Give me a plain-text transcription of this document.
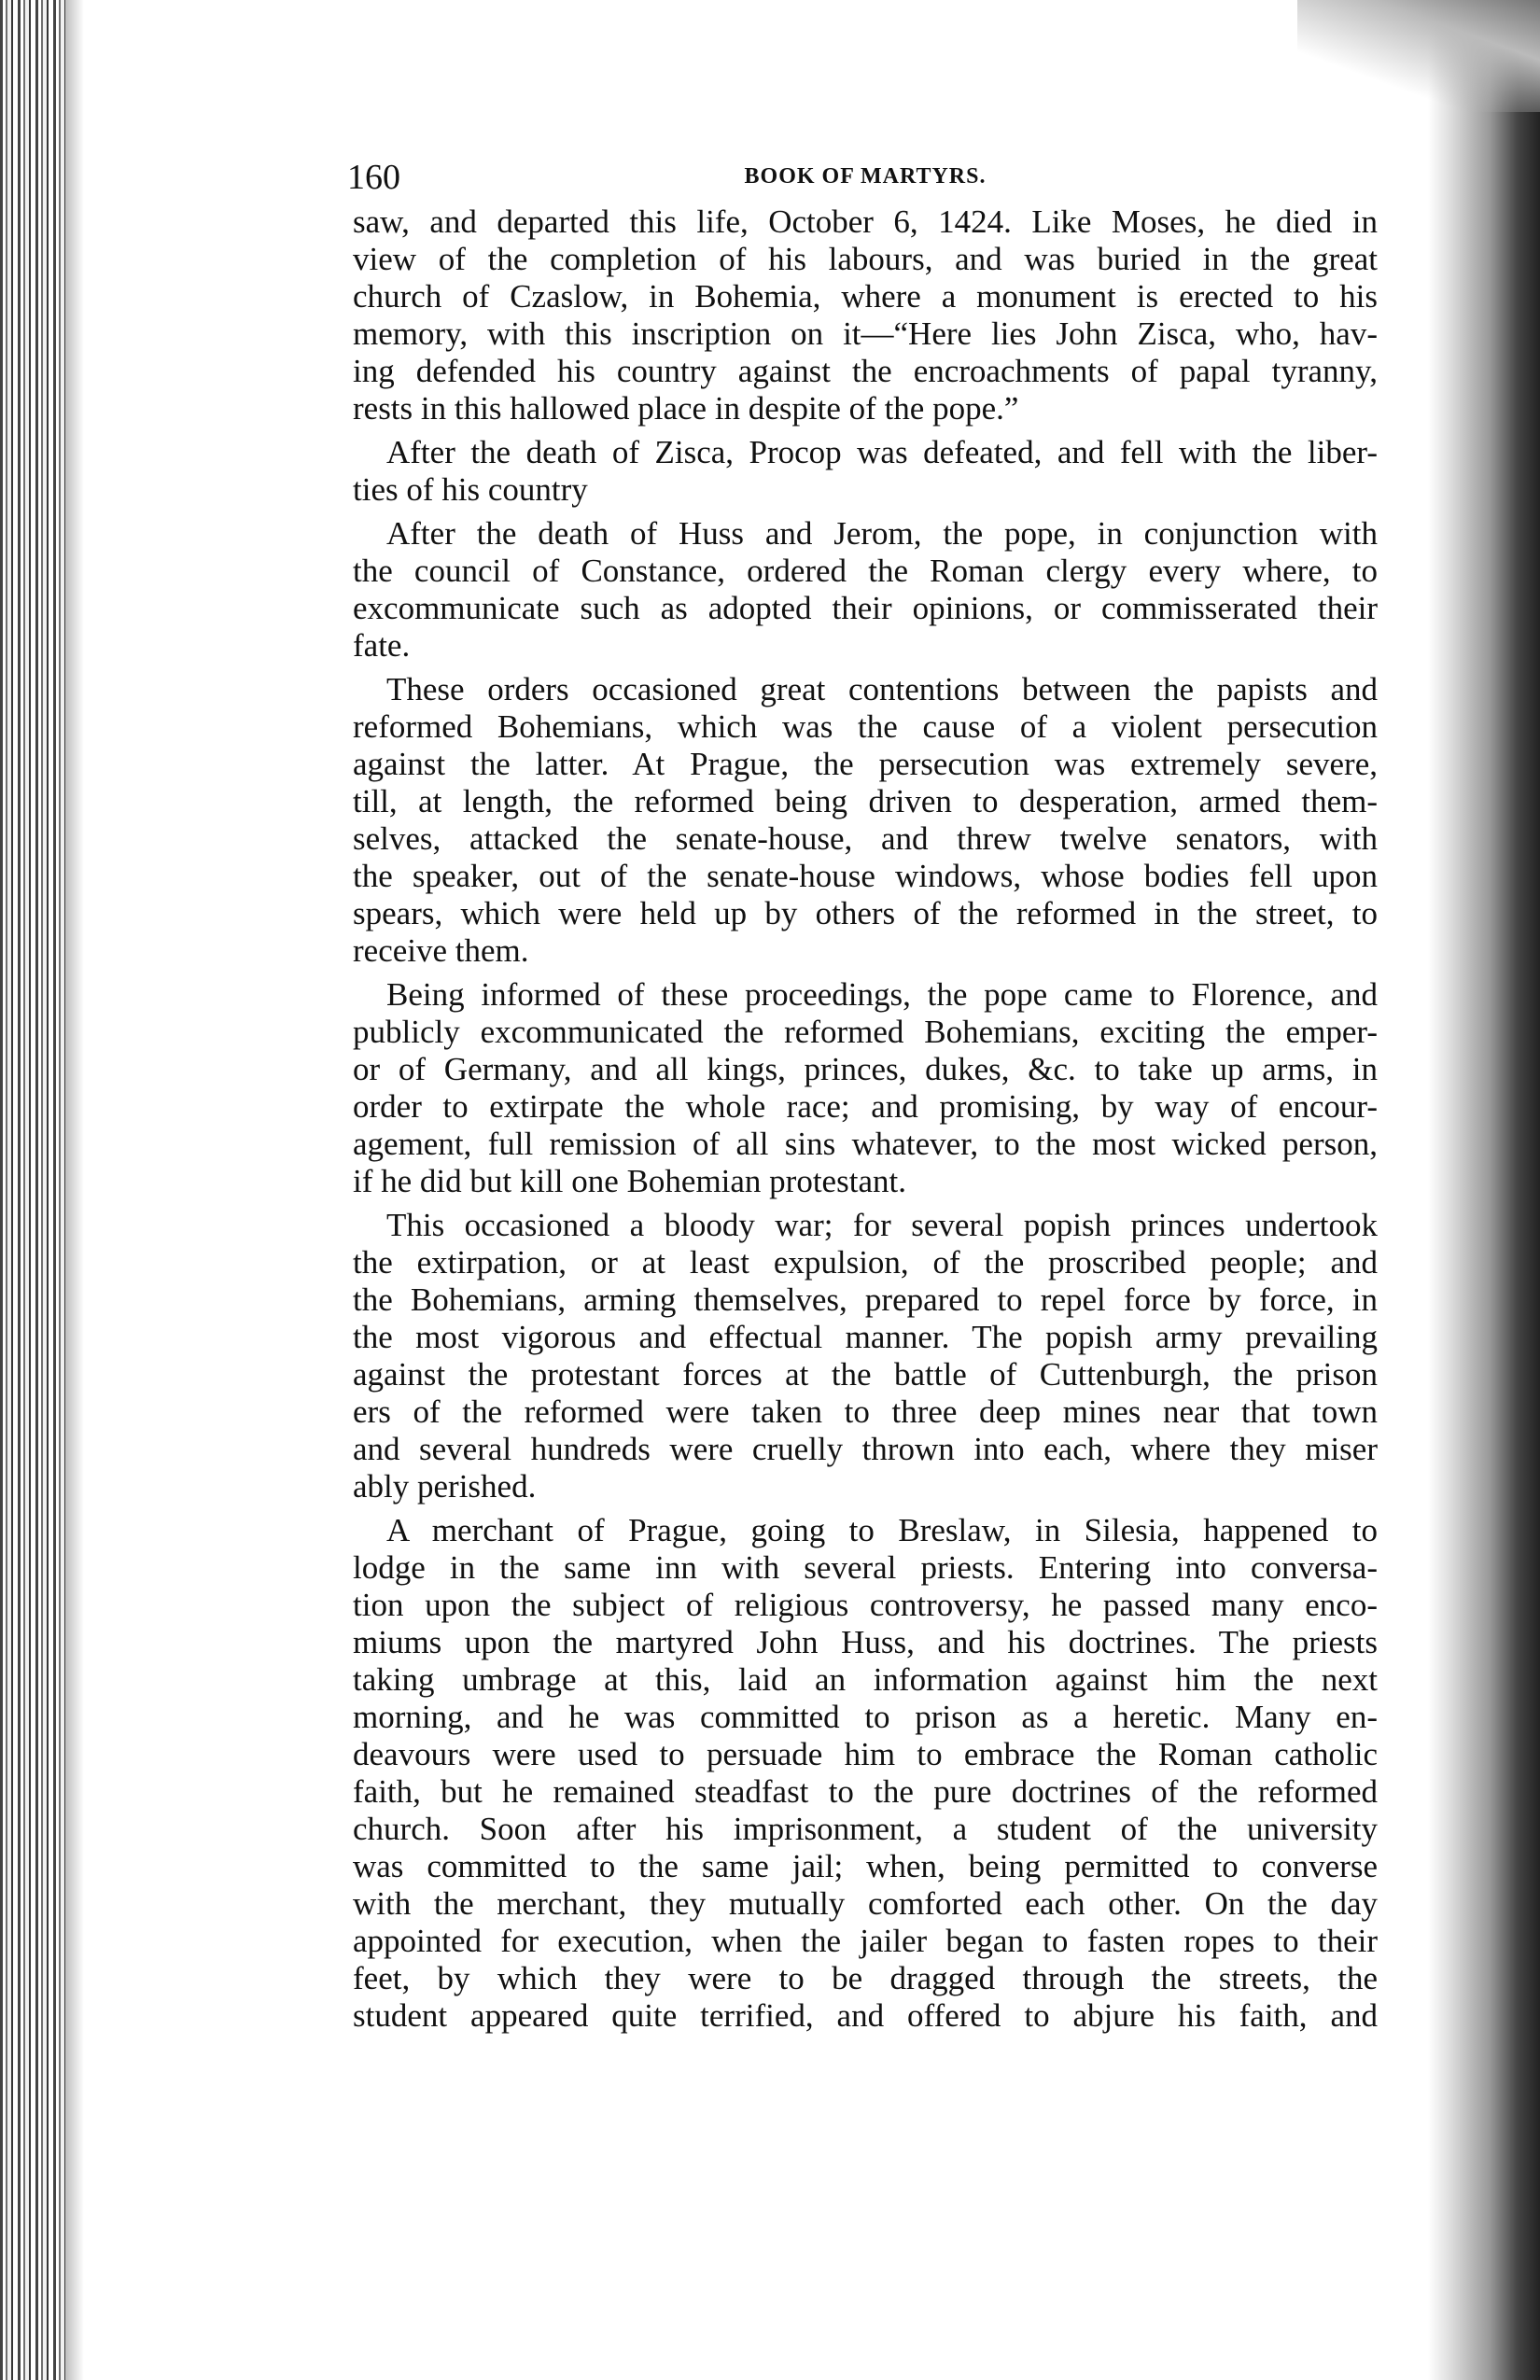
160	BOOK OF MARTYRS.
saw, and departed this life, October 6, 1424. Like Moses, he died in
view of the completion of his labours, and was buried in the great
church of Czaslow, in Bohemia, where a monument is erected to his
memory, with this inscription on it—“Here lies John Zisca, who, hav-
ing defended his country against the encroachments of papal tyranny,
rests in this hallowed place in despite of the pope.”
After the death of Zisca, Procop was defeated, and fell with the liber-
ties of his country
After the death of Huss and Jerom, the pope, in conjunction with
the council of Constance, ordered the Roman clergy every where, to
excommunicate such as adopted their opinions, or commisserated their
fate.
These orders occasioned great contentions between the papists and
reformed Bohemians, which was the cause of a violent persecution
against the latter. At Prague, the persecution was extremely severe,
till, at length, the reformed being driven to desperation, armed them-
selves, attacked the senate-house, and threw twelve senators, with
the speaker, out of the senate-house windows, whose bodies fell upon
spears, which were held up by others of the reformed in the street, to
receive them.
Being informed of these proceedings, the pope came to Florence, and
publicly excommunicated the reformed Bohemians, exciting the emper-
or of Germany, and all kings, princes, dukes, &c. to take up arms, in
order to extirpate the whole race; and promising, by way of encour-
agement, full remission of all sins whatever, to the most wicked person,
if he did but kill one Bohemian protestant.
This occasioned a bloody war; for several popish princes undertook
the extirpation, or at least expulsion, of the proscribed people; and
the Bohemians, arming themselves, prepared to repel force by force, in
the most vigorous and effectual manner. The popish army prevailing
against the protestant forces at the battle of Cuttenburgh, the prison
ers of the reformed were taken to three deep mines near that town
and several hundreds were cruelly thrown into each, where they miser
ably perished.
A merchant of Prague, going to Breslaw, in Silesia, happened to
lodge in the same inn with several priests. Entering into conversa-
tion upon the subject of religious controversy, he passed many enco-
miums upon the martyred John Huss, and his doctrines. The priests
taking umbrage at this, laid an information against him the next
morning, and he was committed to prison as a heretic. Many en-
deavours were used to persuade him to embrace the Roman catholic
faith, but he remained steadfast to the pure doctrines of the reformed
church. Soon after his imprisonment, a student of the university
was committed to the same jail; when, being permitted to converse
with the merchant, they mutually comforted each other. On the day
appointed for execution, when the jailer began to fasten ropes to their
feet, by which they were to be dragged through the streets, the
student appeared quite terrified, and offered to abjure his faith, and
